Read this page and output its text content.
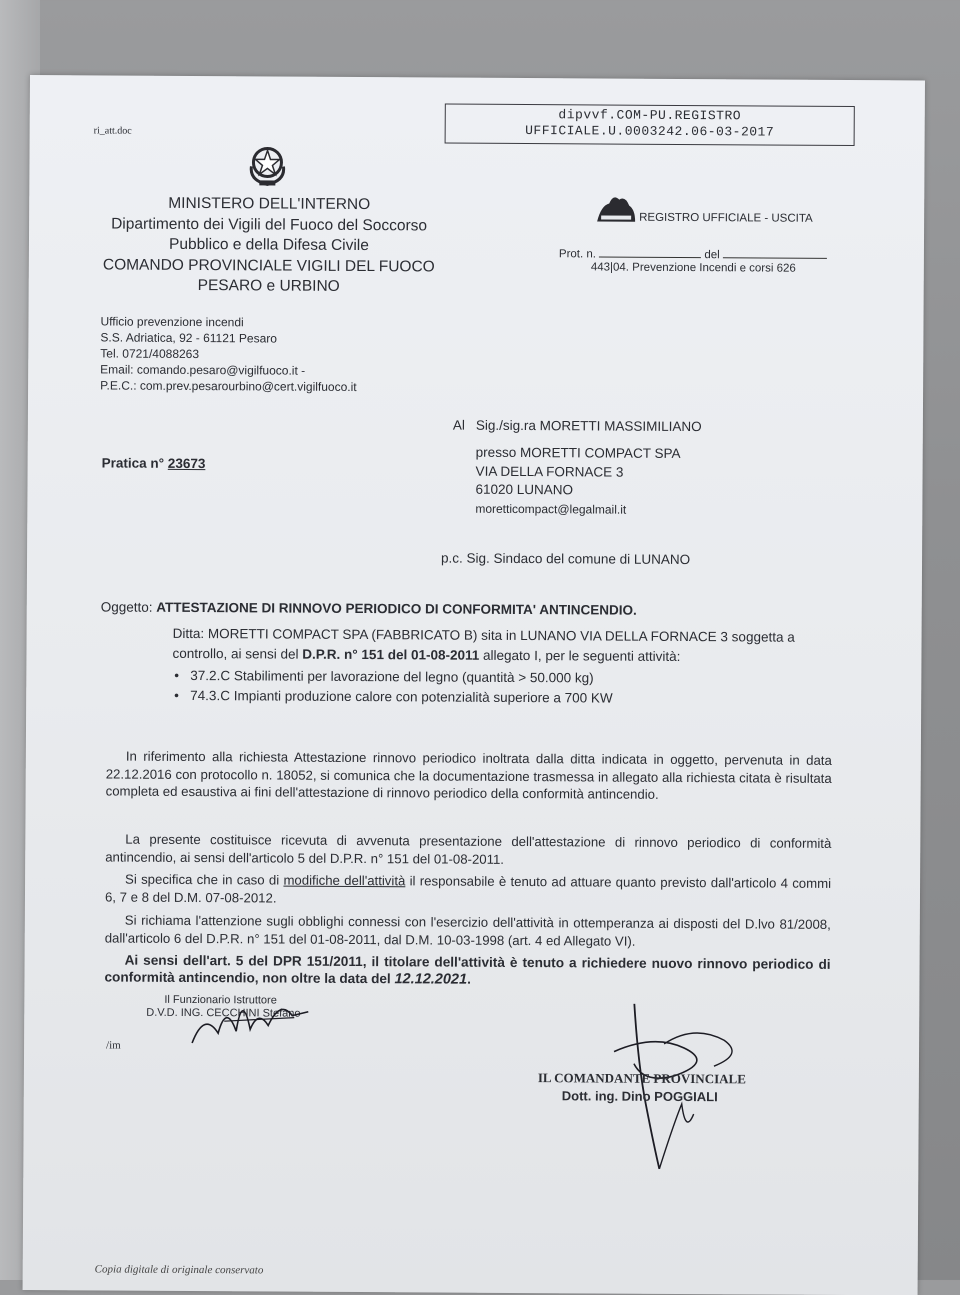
ri_att.doc
dipvvf.COM-PU.REGISTRO
UFFICIALE.U.0003242.06-03-2017
MINISTERO DELL'INTERNO
Dipartimento dei Vigili del Fuoco del Soccorso
Pubblico e della Difesa Civile
COMANDO PROVINCIALE VIGILI DEL FUOCO
PESARO e URBINO
REGISTRO UFFICIALE - USCITA
Prot. n.	del
443|04. Prevenzione Incendi e corsi 626
Ufficio prevenzione incendi
S.S. Adriatica, 92 - 61121 Pesaro
Tel. 0721/4088263
Email: comando.pesaro@vigilfuoco.it -
P.E.C.: com.prev.pesarourbino@cert.vigilfuoco.it
Al Sig./sig.ra MORETTI MASSIMILIANO
presso MORETTI COMPACT SPA
VIA DELLA FORNACE 3
61020 LUNANO
moretticompact@legalmail.it
Pratica n° 23673
p.c. Sig. Sindaco del comune di LUNANO
Oggetto: ATTESTAZIONE DI RINNOVO PERIODICO DI CONFORMITA' ANTINCENDIO.
Ditta: MORETTI COMPACT SPA (FABBRICATO B) sita in LUNANO VIA DELLA FORNACE 3 soggetta a
controllo, ai sensi del D.P.R. n° 151 del 01-08-2011 allegato I, per le seguenti attività:
•   37.2.C Stabilimenti per lavorazione del legno (quantità > 50.000 kg)
•   74.3.C Impianti produzione calore con potenzialità superiore a 700 KW
In riferimento alla richiesta Attestazione rinnovo periodico inoltrata dalla ditta indicata in oggetto, pervenuta in data 22.12.2016 con protocollo n. 18052, si comunica che la documentazione trasmessa in allegato alla richiesta citata è risultata completa ed esaustiva ai fini dell'attestazione di rinnovo periodico della conformità antincendio.
La presente costituisce ricevuta di avvenuta presentazione dell'attestazione di rinnovo periodico di conformità antincendio, ai sensi dell'articolo 5 del D.P.R. n° 151 del 01-08-2011.
Si specifica che in caso di modifiche dell'attività il responsabile è tenuto ad attuare quanto previsto dall'articolo 4 commi 6, 7 e 8 del D.M. 07-08-2012.
Si richiama l'attenzione sugli obblighi connessi con l'esercizio dell'attività in ottemperanza ai disposti del D.lvo 81/2008, dall'articolo 6 del D.P.R. n° 151 del 01-08-2011, dal D.M. 10-03-1998 (art. 4 ed Allegato VI).
Ai sensi dell'art. 5 del DPR 151/2011, il titolare dell'attività è tenuto a richiedere nuovo rinnovo periodico di conformità antincendio, non oltre la data del 12.12.2021.
Il Funzionario Istruttore
D.V.D. ING. CECCHINI Stefano
/im
IL COMANDANTE PROVINCIALE
Dott. ing. Dino POGGIALI
Copia digitale di originale conservato
